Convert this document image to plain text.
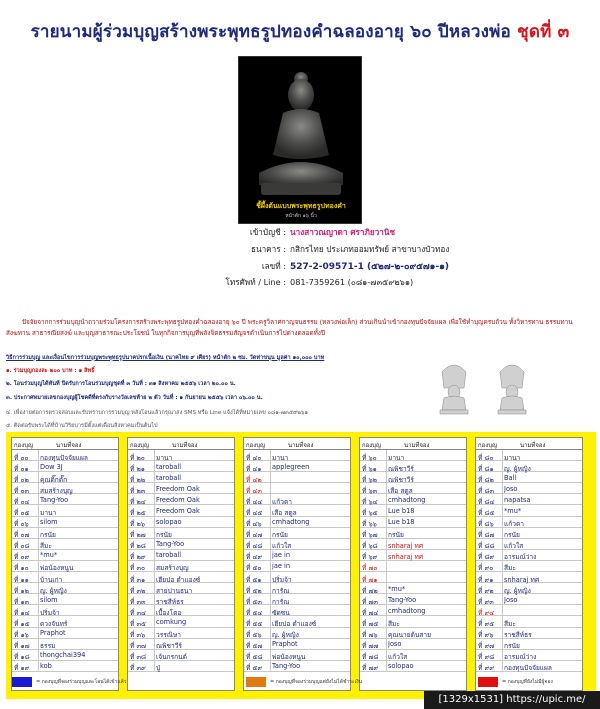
รายนามผู้ร่วมบุญสร้างพระพุทธรูปทองคำฉลองอายุ ๖๐ ปีหลวงพ่อ ชุดที่ ๓
ชี้ผึ้งต้นแบบพระพุทธรูปทองคำ
หน้าตัก ๑๖ นิ้ว
เข้าบัญชี : นางสาวณญาดา ศราภิยวานิช
ธนาคาร : กสิกรไทย ประเภทออมทรัพย์ สาขาบางบัวทอง
เลขที่ : 527-2-09571-1 (๕๒๗-๒-๐๙๕๗๑-๑)
โทรศัพท์ / Line : 081-7359261 (๐๘๑-๗๓๕๙๒๖๑)
ปัจจัยจากการร่วมบุญนำถวายร่วมโครงการสร้างพระพุทธรูปทองคำฉลองอายุ ๖๐ ปี พระครูวิลาศกาญจนธรรม (หลวงพ่อเล็ก) ส่วนเกินนำเข้ากองทุนปัจจัยแผล เพื่อใช้ทำบุญครบถ้วน ทั้งวิหารทาน ธรรมทาน สังฆทาน สาธารณียสงฆ์ และบุญสาธารณะประโยชน์ ในทุกกิจการบุญที่พลังจิตธรรมสัญจรดำเนินการไปต่างตลอดทั้งปี
วิธีการร่วมบุญ และเงื่อนไขการร่วมบุญพระพุทธรูปนาคปรกเนื้อเงิน (นาคไทย ๙ เศียร) หน้าตัก ๒ ซม. วัดท่าขนุน มูลค่า ๑๐,๐๐๐ บาท
๑. ร่วมบุญกองละ ๒๐๐ บาท : ๑ สิทธิ์
๒. โอนร่วมบุญได้ทันที ปิดรับการโอนร่วมบุญชุดที่ ๓ วันที่ : ๓๑ สิงหาคม ๒๕๕๖ เวลา ๒๐.๐๐ น.
๓. ประกาศหมายเลขกองบุญผู้โชคดีที่ตรงกับรางวัลเลขท้าย ๒ ตัว วันที่ : ๑ กันยายน ๒๕๕๖ เวลา ๐๖.๐๐ น.
๔. เพื่อง่ายต่อการตรวจสอบและรับทราบการร่วมบุญ หลังโอนแล้วกรุณาส่ง SMS หรือ Line แจ้งได้ที่หมายเลข ๐๘๑-๗๓๕๙๒๖๑
๕. ติดต่อรับพระได้ที่บ้านวิริยบารมีตั้งแต่เดือนสิงหาคมเป็นต้นไป
กองบุญ	นามที่จอง
ที่ ๐๐	กองทุนปัจจัยแผล
ที่ ๐๑	Dow 3J
ที่ ๐๒	คุณติ๊กตั๊ก
ที่ ๐๓	สมสร้างบุญ
ที่ ๐๔	Tang-Yoo
ที่ ๐๕	มานา
ที่ ๐๖	silom
ที่ ๐๗	กรนัย
ที่ ๐๘	สีมะ
ที่ ๐๙	*mu*
ที่ ๑๐	พ่อน้องหนูน
ที่ ๑๑	บ้านเก่า
ที่ ๑๒	ญ. ผู้หญิง
ที่ ๑๓	silom
ที่ ๑๔	ปริ่มจ้า
ที่ ๑๕	ดวงจันทร์
ที่ ๑๖	Praphot
ที่ ๑๗	ธรรม
ที่ ๑๘	thongchai394
ที่ ๑๙	kob
กองบุญ	นามที่จอง
ที่ ๒๐	มานา
ที่ ๒๑	taroball
ที่ ๒๒	taroball
ที่ ๒๓	Freedom Oak
ที่ ๒๔	Freedom Oak
ที่ ๒๕	Freedom Oak
ที่ ๒๖	solopao
ที่ ๒๗	กรนัย
ที่ ๒๘	Tang-Yoo
ที่ ๒๙	taroball
ที่ ๓๐	สมสร้างบุญ
ที่ ๓๑	เฮียปอ ตำแองซ์
ที่ ๓๒	สายปานธนา
ที่ ๓๓	ราชสีห์ธร
ที่ ๓๔	เบื้องโตอ
ที่ ๓๕	comkung
ที่ ๓๖	วรรณิษา
ที่ ๓๗	ณพิชาวีร์
ที่ ๓๘	เจ้นกรกนต์
ที่ ๓๙	ปู่
กองบุญ	นามที่จอง
ที่ ๔๐	มานา
ที่ ๔๑	applegreen
ที่ ๔๒
ที่ ๔๓
ที่ ๔๔	แก้วตา
ที่ ๔๕	เสือ สตูล
ที่ ๔๖	cmhadtong
ที่ ๔๗	กรนัย
ที่ ๔๘	แก้วใส
ที่ ๔๙	jae in
ที่ ๕๐	jae in
ที่ ๕๑	ปริ่มจ้า
ที่ ๕๒	การัณ
ที่ ๕๓	การัณ
ที่ ๕๔	ซัดซน
ที่ ๕๕	เฮียปอ ตำแองซ์
ที่ ๕๖	ญ. ผู้หญิง
ที่ ๕๗	Praphot
ที่ ๕๘	พ่อน้องหนูน
ที่ ๕๙	Tang-Yoo
กองบุญ	นามที่จอง
ที่ ๖๐	มานา
ที่ ๖๑	ณพิชาวีร์
ที่ ๖๒	ณพิชาวีร์
ที่ ๖๓	เสือ สตูล
ที่ ๖๔	cmhadtong
ที่ ๖๕	Lue b18
ที่ ๖๖	Lue b18
ที่ ๖๗	กรนัย
ที่ ๖๘	snharaj ทศ
ที่ ๖๙	snharaj ทศ
ที่ ๗๐
ที่ ๗๑
ที่ ๗๒	*mu*
ที่ ๗๓	Tang-Yoo
ที่ ๗๔	cmhadtong
ที่ ๗๕	สีมะ
ที่ ๗๖	คุณนายต้นสาย
ที่ ๗๗	Joso
ที่ ๗๘	แก้วใส
ที่ ๗๙	solopao
กองบุญ	นามที่จอง
ที่ ๘๐	มานา
ที่ ๘๑	ญ. ผู้หญิง
ที่ ๘๒	Ball
ที่ ๘๓	Joso
ที่ ๘๔	napatsa
ที่ ๘๕	*mu*
ที่ ๘๖	แก้วตา
ที่ ๘๗	กรนัย
ที่ ๘๘	แก้วใส
ที่ ๘๙	อารมณ์ว่าง
ที่ ๙๐	สีมะ
ที่ ๙๑	snharaj ทศ
ที่ ๙๒	ญ. ผู้หญิง
ที่ ๙๓	Joso
ที่ ๙๔
ที่ ๙๕	สีมะ
ที่ ๙๖	ราชสีห์ธร
ที่ ๙๗	กรนัย
ที่ ๙๘	อารมณ์ว่าง
ที่ ๙๙	กองทุนปัจจัยแผล
= กองบุญที่จองร่วมบุญและโอนได้เข้าแล้ว	= กองบุญที่จองร่วมบุญแต่ยังไม่ได้ชำระเงิน	= กองบุญที่ยังไม่มีผู้จอง
[1329x1531] https://upic.me/
